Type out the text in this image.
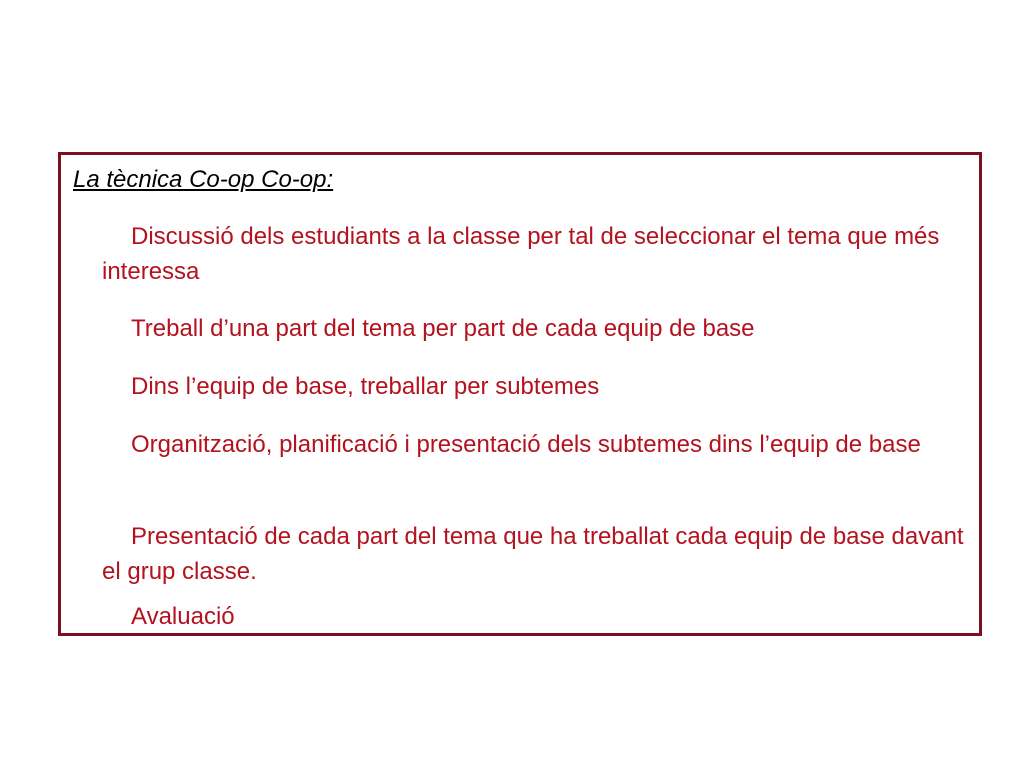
La tècnica Co-op Co-op:
Discussió dels estudiants a la classe per tal de seleccionar el tema que més interessa
Treball d’una part del tema per part de cada equip de base
Dins l’equip de base, treballar per subtemes
Organització, planificació i presentació dels subtemes dins l’equip de base
Presentació de cada part del tema que ha treballat cada equip de base davant el grup classe.
Avaluació
